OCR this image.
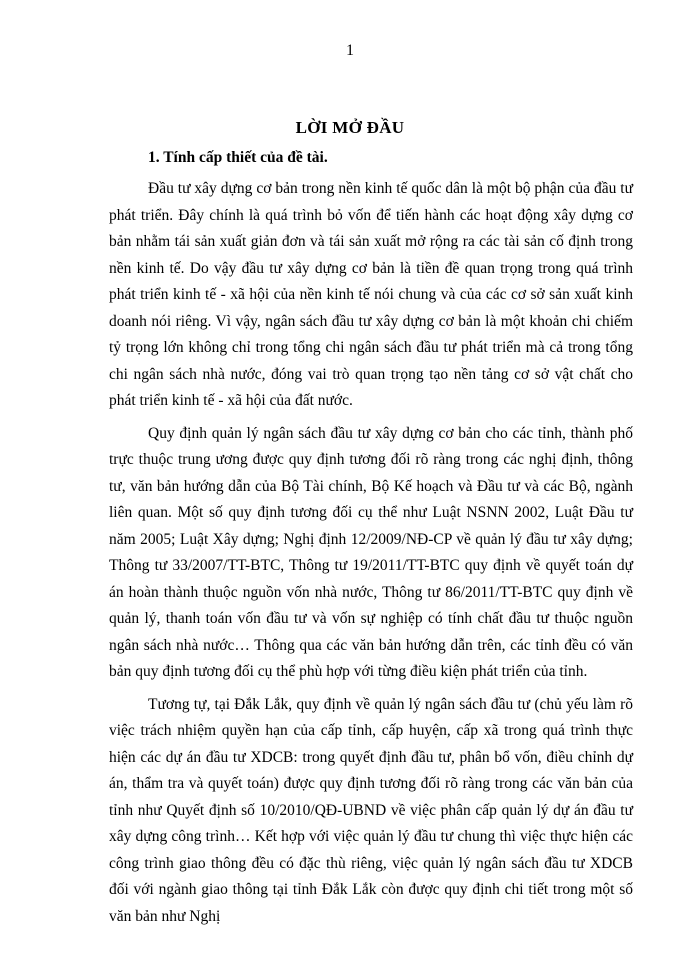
1
LỜI MỞ ĐẦU
1. Tính cấp thiết của đề tài.

Đầu tư xây dựng cơ bản trong nền kinh tế quốc dân là một bộ phận của đầu tư phát triển. Đây chính là quá trình bỏ vốn để tiến hành các hoạt động xây dựng cơ bản nhằm tái sản xuất giản đơn và tái sản xuất mở rộng ra các tài sản cố định trong nền kinh tế. Do vậy đầu tư xây dựng cơ bản là tiền đề quan trọng trong quá trình phát triển kinh tế - xã hội của nền kinh tế nói chung và của các cơ sở sản xuất kinh doanh nói riêng. Vì vậy, ngân sách đầu tư xây dựng cơ bản là một khoản chi chiếm tỷ trọng lớn không chỉ trong tổng chi ngân sách đầu tư phát triển mà cả trong tổng chi ngân sách nhà nước, đóng vai trò quan trọng tạo nền tảng cơ sở vật chất cho phát triển kinh tế - xã hội của đất nước.

Quy định quản lý ngân sách đầu tư xây dựng cơ bản cho các tỉnh, thành phố trực thuộc trung ương được quy định tương đối rõ ràng trong các nghị định, thông tư, văn bản hướng dẫn của Bộ Tài chính, Bộ Kế hoạch và Đầu tư và các Bộ, ngành liên quan. Một số quy định tương đối cụ thể như Luật NSNN 2002, Luật Đầu tư năm 2005; Luật Xây dựng; Nghị định 12/2009/NĐ-CP về quản lý đầu tư xây dựng; Thông tư 33/2007/TT-BTC, Thông tư 19/2011/TT-BTC quy định về quyết toán dự án hoàn thành thuộc nguồn vốn nhà nước, Thông tư 86/2011/TT-BTC quy định về quản lý, thanh toán vốn đầu tư và vốn sự nghiệp có tính chất đầu tư thuộc nguồn ngân sách nhà nước… Thông qua các văn bản hướng dẫn trên, các tỉnh đều có văn bản quy định tương đối cụ thể phù hợp với từng điều kiện phát triển của tỉnh.

Tương tự, tại Đắk Lắk, quy định về quản lý ngân sách đầu tư (chủ yếu làm rõ việc trách nhiệm quyền hạn của cấp tỉnh, cấp huyện, cấp xã trong quá trình thực hiện các dự án đầu tư XDCB: trong quyết định đầu tư, phân bổ vốn, điều chỉnh dự án, thẩm tra và quyết toán) được quy định tương đối rõ ràng trong các văn bản của tỉnh như Quyết định số 10/2010/QĐ-UBND về việc phân cấp quản lý dự án đầu tư xây dựng công trình… Kết hợp với việc quản lý đầu tư chung thì việc thực hiện các công trình giao thông đều có đặc thù riêng, việc quản lý ngân sách đầu tư XDCB đối với ngành giao thông tại tỉnh Đắk Lắk còn được quy định chi tiết trong một số văn bản như Nghị
